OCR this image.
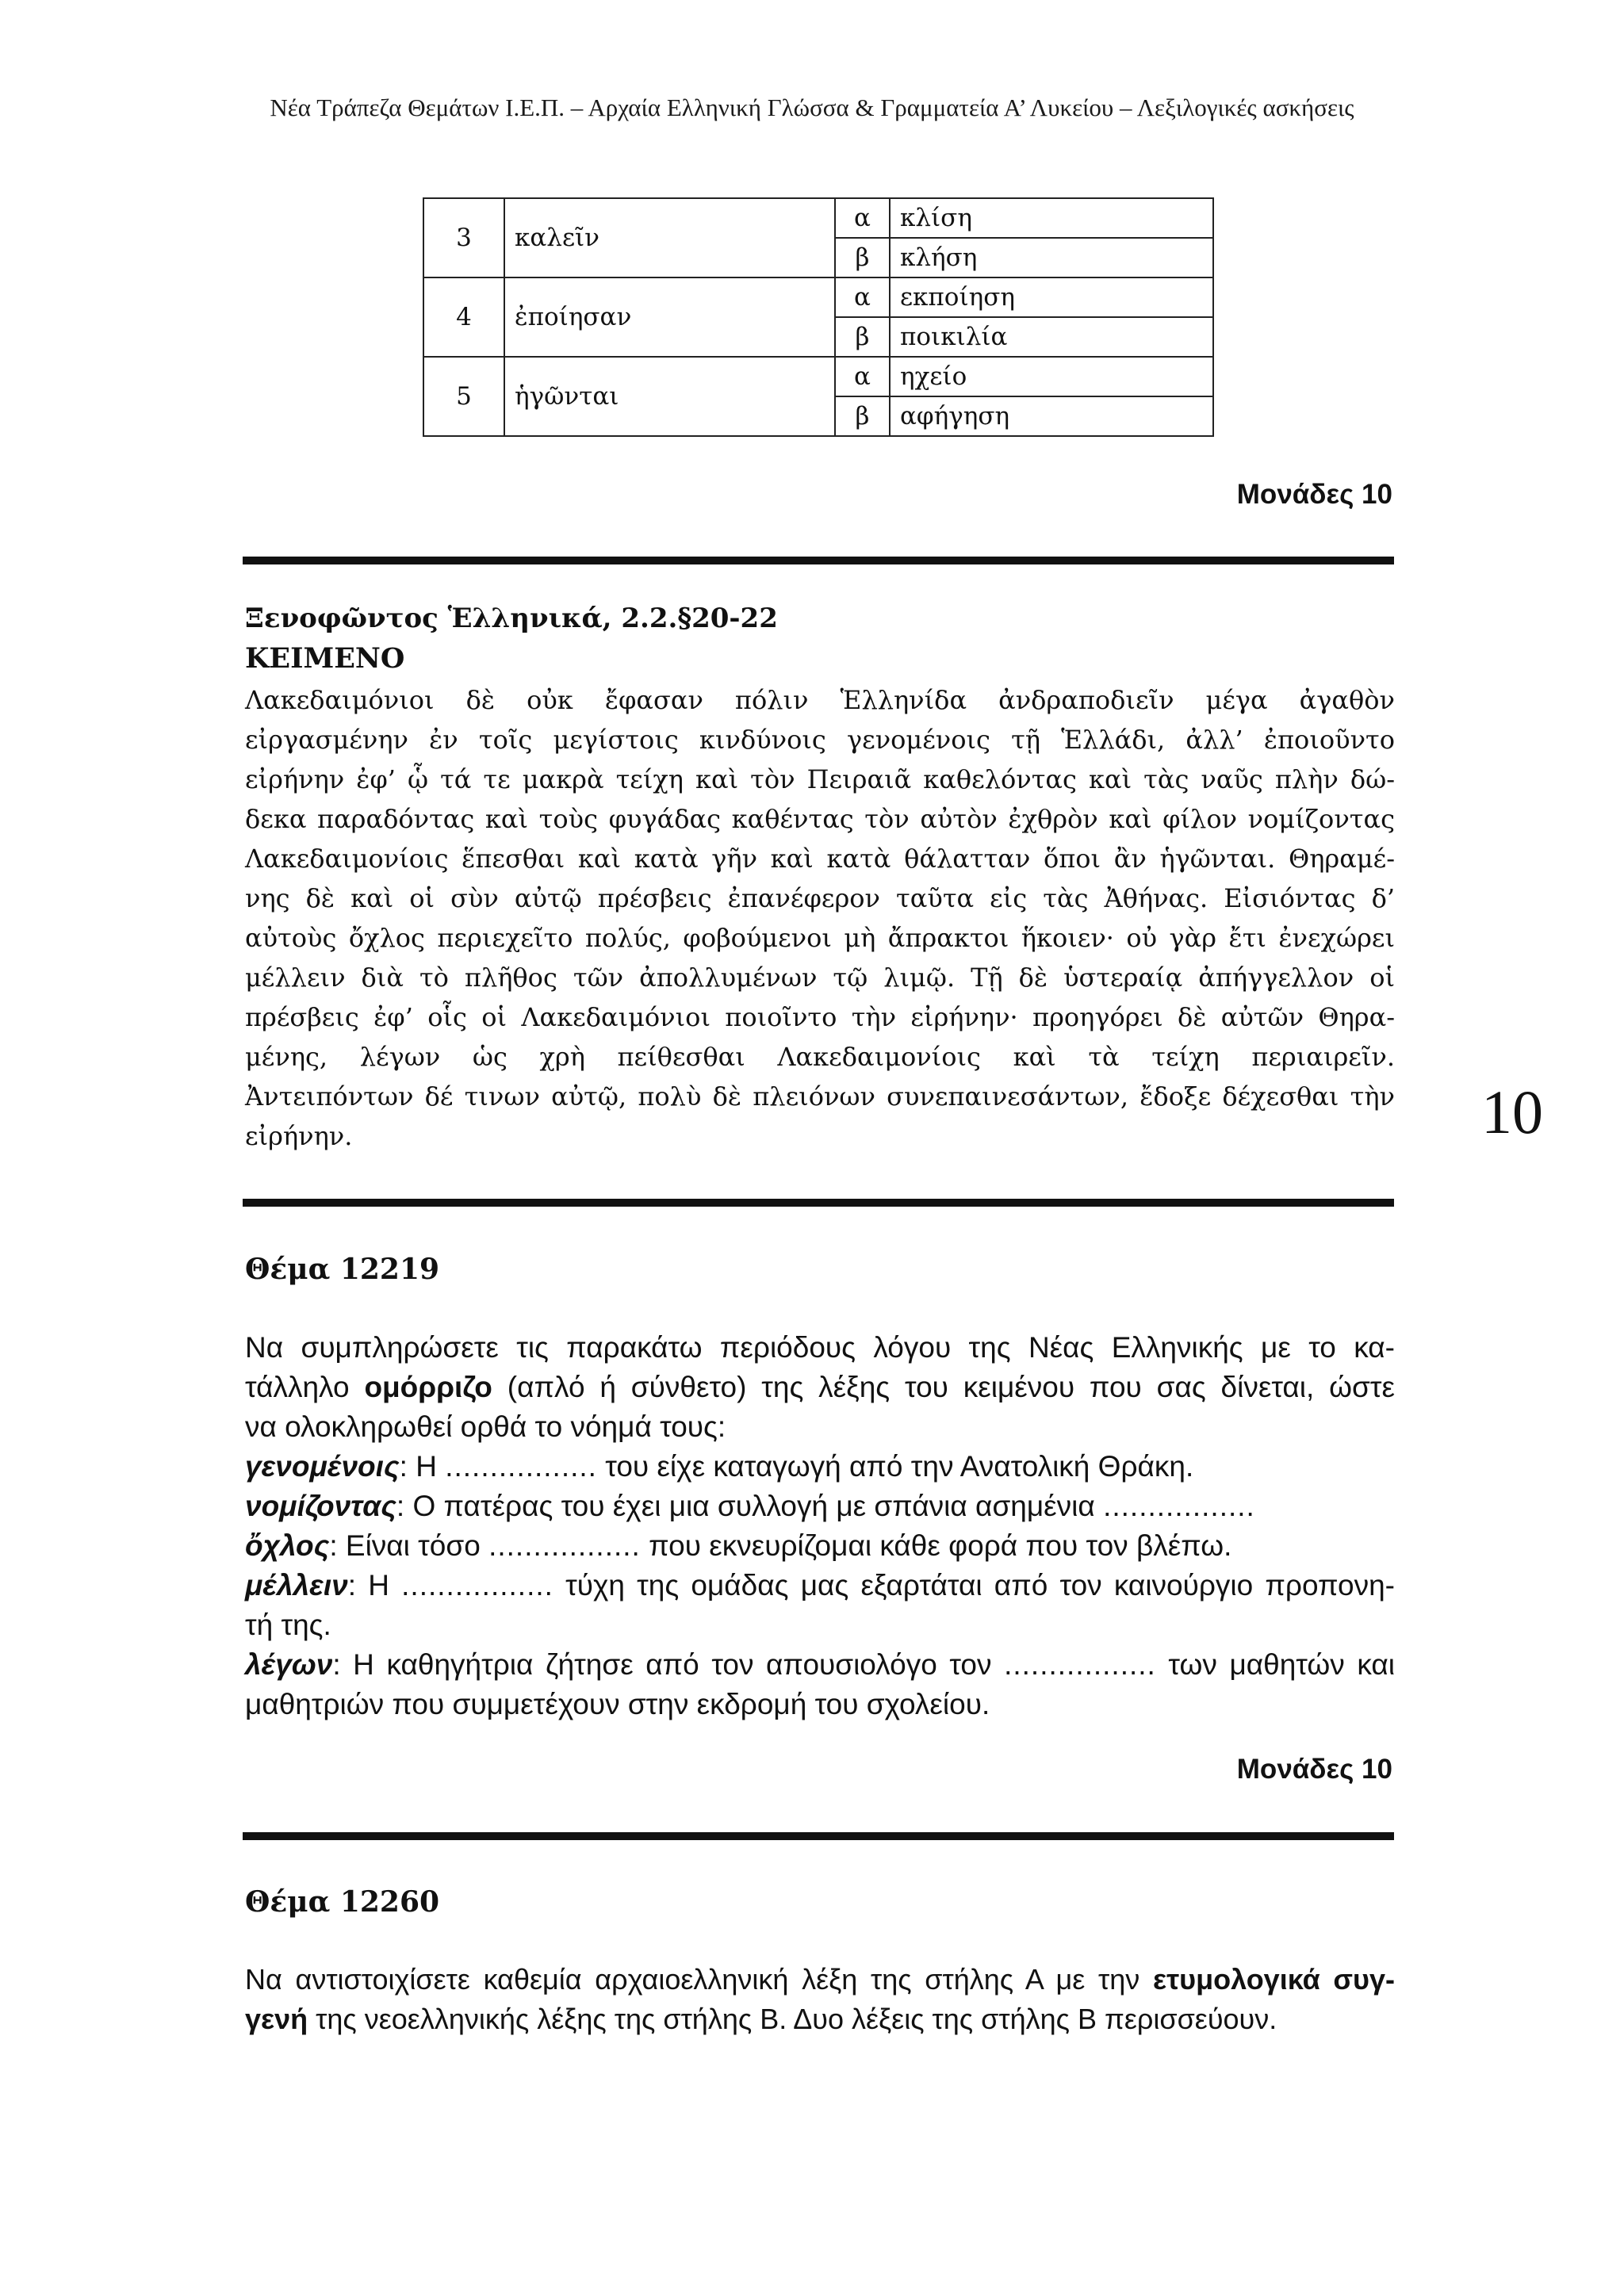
Νέα Τράπεζα Θεμάτων Ι.Ε.Π. – Αρχαία Ελληνική Γλώσσα & Γραμματεία Α’ Λυκείου – Λεξιλογικές ασκήσεις
3	καλεῖν	α	κλίση
		β	κλήση
4	ἐποίησαν	α	εκποίηση
		β	ποικιλία
5	ἡγῶνται	α	ηχείο
		β	αφήγηση
Μονάδες 10
Ξενοφῶντος Ἑλληνικά, 2.2.§20-22
ΚΕΙΜΕΝΟ
Λακεδαιμόνιοι δὲ οὐκ ἔφασαν πόλιν Ἑλληνίδα ἀνδραποδιεῖν μέγα ἀγαθὸν
εἰργασμένην ἐν τοῖς μεγίστοις κινδύνοις γενομένοις τῇ Ἑλλάδι, ἀλλ’ ἐποιοῦντο
εἰρήνην ἐφ’ ᾧ τά τε μακρὰ τείχη καὶ τὸν Πειραιᾶ καθελόντας καὶ τὰς ναῦς πλὴν δώ-
δεκα παραδόντας καὶ τοὺς φυγάδας καθέντας τὸν αὐτὸν ἐχθρὸν καὶ φίλον νομίζοντας
Λακεδαιμονίοις ἕπεσθαι καὶ κατὰ γῆν καὶ κατὰ θάλατταν ὅποι ἂν ἡγῶνται. Θηραμέ-
νης δὲ καὶ οἱ σὺν αὐτῷ πρέσβεις ἐπανέφερον ταῦτα εἰς τὰς Ἀθήνας. Εἰσιόντας δ’
αὐτοὺς ὄχλος περιεχεῖτο πολύς, φοβούμενοι μὴ ἄπρακτοι ἥκοιεν· οὐ γὰρ ἔτι ἐνεχώρει
μέλλειν διὰ τὸ πλῆθος τῶν ἀπολλυμένων τῷ λιμῷ. Τῇ δὲ ὑστεραίᾳ ἀπήγγελλον οἱ
πρέσβεις ἐφ’ οἷς οἱ Λακεδαιμόνιοι ποιοῖντο τὴν εἰρήνην· προηγόρει δὲ αὐτῶν Θηρα-
μένης, λέγων ὡς χρὴ πείθεσθαι Λακεδαιμονίοις καὶ τὰ τείχη περιαιρεῖν.
Ἀντειπόντων δέ τινων αὐτῷ, πολὺ δὲ πλειόνων συνεπαινεσάντων, ἔδοξε δέχεσθαι τὴν
εἰρήνην.	10
Θέμα 12219
Να συμπληρώσετε τις παρακάτω περιόδους λόγου της Νέας Ελληνικής με το κα-
τάλληλο ομόρριζο (απλό ή σύνθετο) της λέξης του κειμένου που σας δίνεται, ώστε
να ολοκληρωθεί ορθά το νόημά τους:
γενομένοις: Η ................. του είχε καταγωγή από την Ανατολική Θράκη.
νομίζοντας: Ο πατέρας του έχει μια συλλογή με σπάνια ασημένια .................
ὄχλος: Είναι τόσο ................. που εκνευρίζομαι κάθε φορά που τον βλέπω.
μέλλειν: Η ................. τύχη της ομάδας μας εξαρτάται από τον καινούργιο προπονη-
τή της.
λέγων: Η καθηγήτρια ζήτησε από τον απουσιολόγο τον ................. των μαθητών και
μαθητριών που συμμετέχουν στην εκδρομή του σχολείου.
Μονάδες 10
Θέμα 12260
Να αντιστοιχίσετε καθεμία αρχαιοελληνική λέξη της στήλης Α με την ετυμολογικά συγ-
γενή της νεοελληνικής λέξης της στήλης Β. Δυο λέξεις της στήλης Β περισσεύουν.
